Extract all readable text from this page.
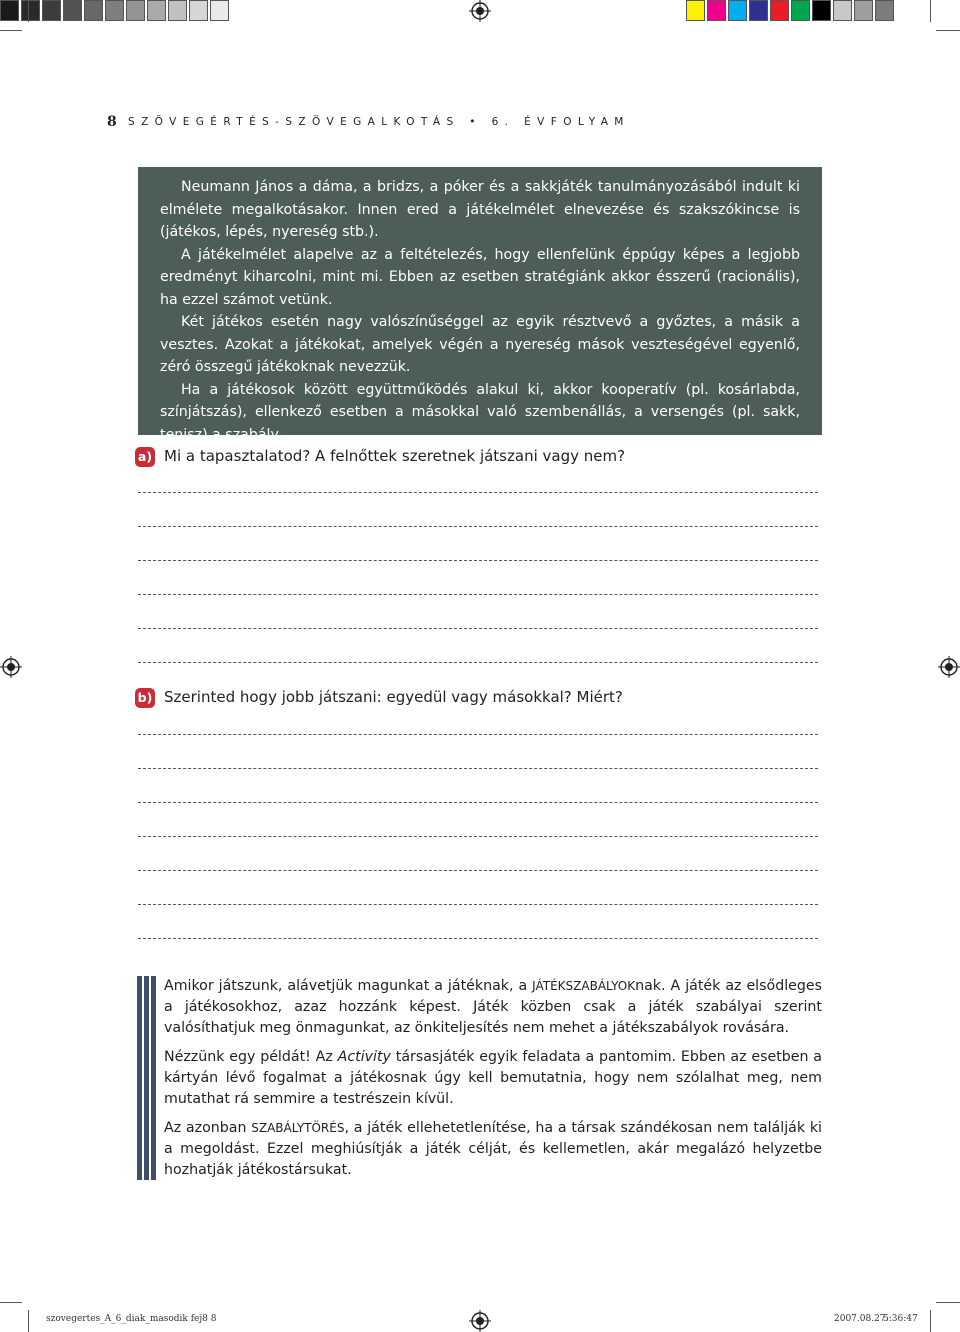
8 SZÖVEGÉRTÉS-SZÖVEGALKOTÁS • 6. ÉVFOLYAM

Neumann János a dáma, a bridzs, a póker és a sakkjáték tanulmányozásából indult ki elmélete megalkotásakor. Innen ered a játékelmélet elnevezése és szakszókincse is (játékos, lépés, nyereség stb.).

A játékelmélet alapelve az a feltételezés, hogy ellenfelünk éppúgy képes a legjobb eredményt kiharcolni, mint mi. Ebben az esetben stratégiánk akkor ésszerű (racionális), ha ezzel számot vetünk.

Két játékos esetén nagy valószínűséggel az egyik résztvevő a győztes, a másik a vesztes. Azokat a játékokat, amelyek végén a nyereség mások veszteségével egyenlő, zéró összegű játékoknak nevezzük.

Ha a játékosok között együttműködés alakul ki, akkor kooperatív (pl. kosárlabda, színjátszás), ellenkező esetben a másokkal való szembenállás, a versengés (pl. sakk, tenisz) a szabály.

a) Mi a tapasztalatod? A felnőttek szeretnek játszani vagy nem?
b) Szerinted hogy jobb játszani: egyedül vagy másokkal? Miért?

Amikor játszunk, alávetjük magunkat a játéknak, a JÁTÉKSZABÁLYOKnak. A játék az elsődleges a játékosokhoz, azaz hozzánk képest. Játék közben csak a játék szabályai szerint valósíthatjuk meg önmagunkat, az önkiteljesítés nem mehet a játékszabályok rovására.

Nézzünk egy példát! Az Activity társasjáték egyik feladata a pantomim. Ebben az esetben a kártyán lévő fogalmat a játékosnak úgy kell bemutatnia, hogy nem szólalhat meg, nem mutathat rá semmire a testrészein kívül.

Az azonban SZABÁLYTÖRÉS, a játék ellehetetlenítése, ha a társak szándékosan nem találják ki a megoldást. Ezzel meghiúsítják a játék célját, és kellemetlen, akár megalázó helyzetbe hozhatják játékostársukat.

szovegertes_A_6_diak_masodik fej8 8	2007.08.27.
5:36:47
